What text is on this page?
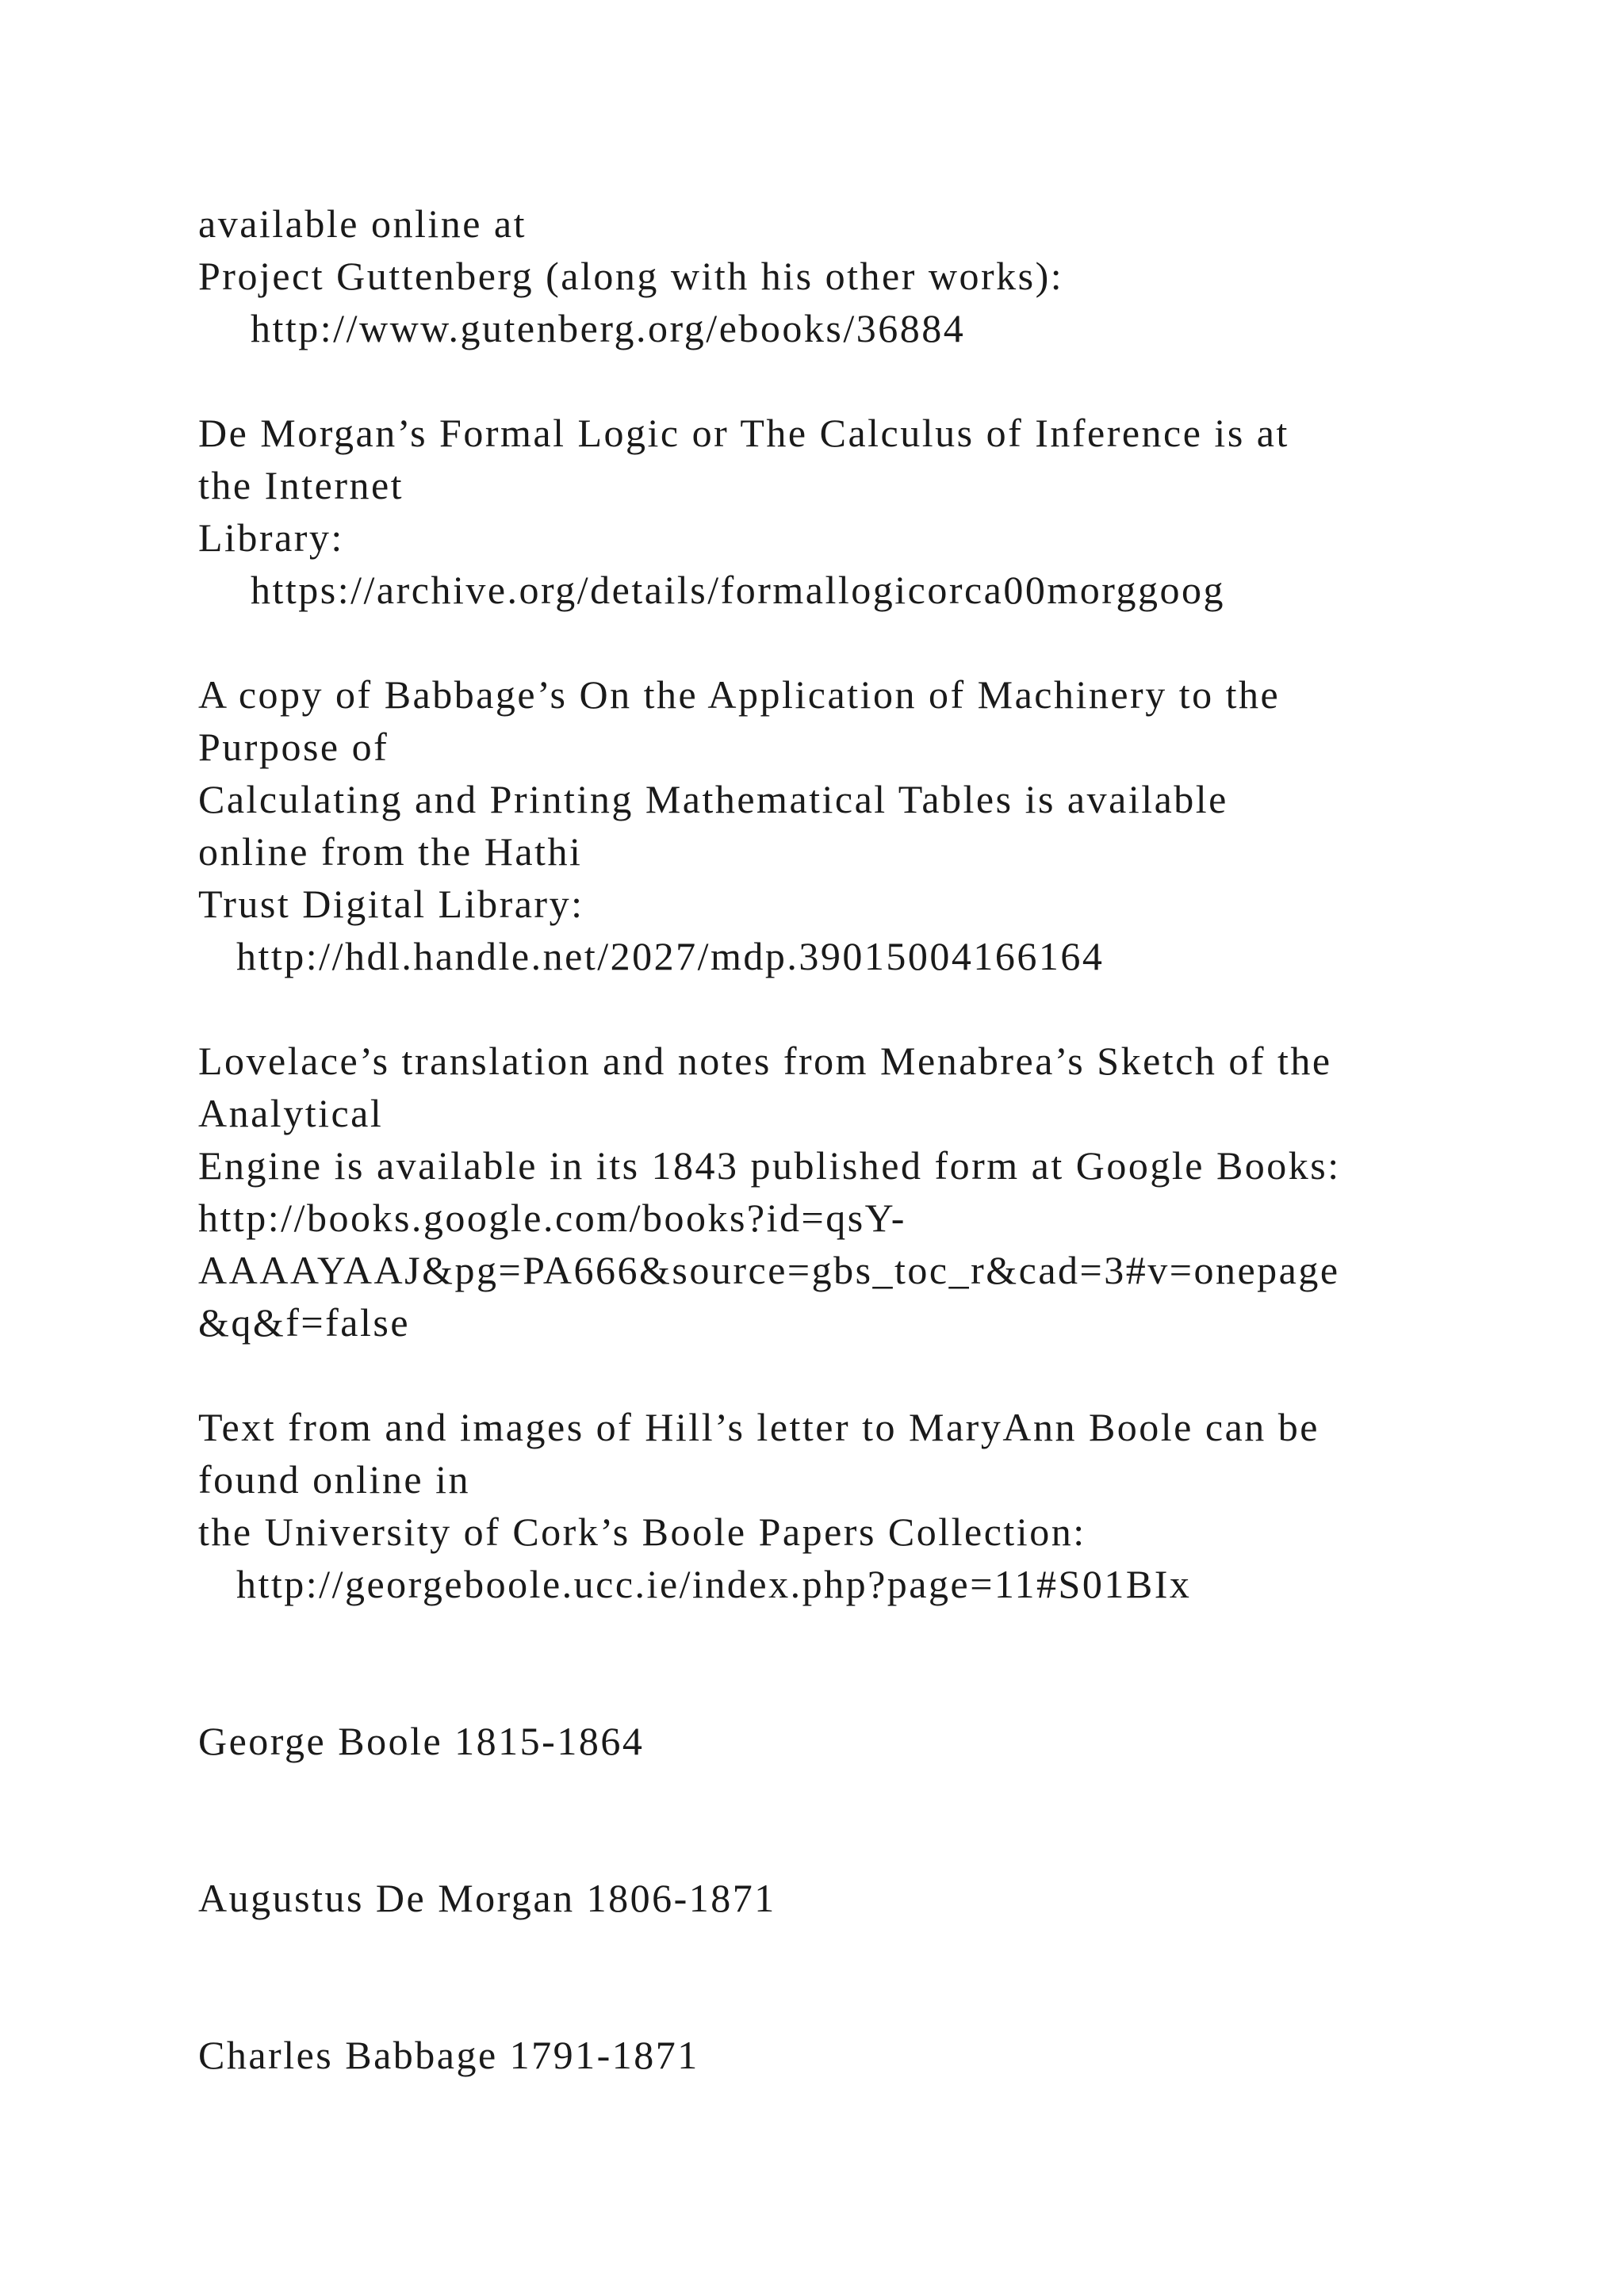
available online at

Project Guttenberg (along with his other works):

http://www.gutenberg.org/ebooks/36884

De Morgan’s Formal Logic or The Calculus of Inference is at

the Internet

Library:

https://archive.org/details/formallogicorca00morggoog

A copy of Babbage’s On the Application of Machinery to the

Purpose of

Calculating and Printing Mathematical Tables is available

online from the Hathi

Trust Digital Library:

http://hdl.handle.net/2027/mdp.39015004166164

Lovelace’s translation and notes from Menabrea’s Sketch of the

Analytical

Engine is available in its 1843 published form at Google Books:

http://books.google.com/books?id=qsY-

AAAAYAAJ&pg=PA666&source=gbs_toc_r&cad=3#v=onepage

&q&f=false

Text from and images of Hill’s letter to MaryAnn Boole can be

found online in

the University of Cork’s Boole Papers Collection:

http://georgeboole.ucc.ie/index.php?page=11#S01BIx

George Boole 1815-1864

Augustus De Morgan 1806-1871

Charles Babbage 1791-1871
